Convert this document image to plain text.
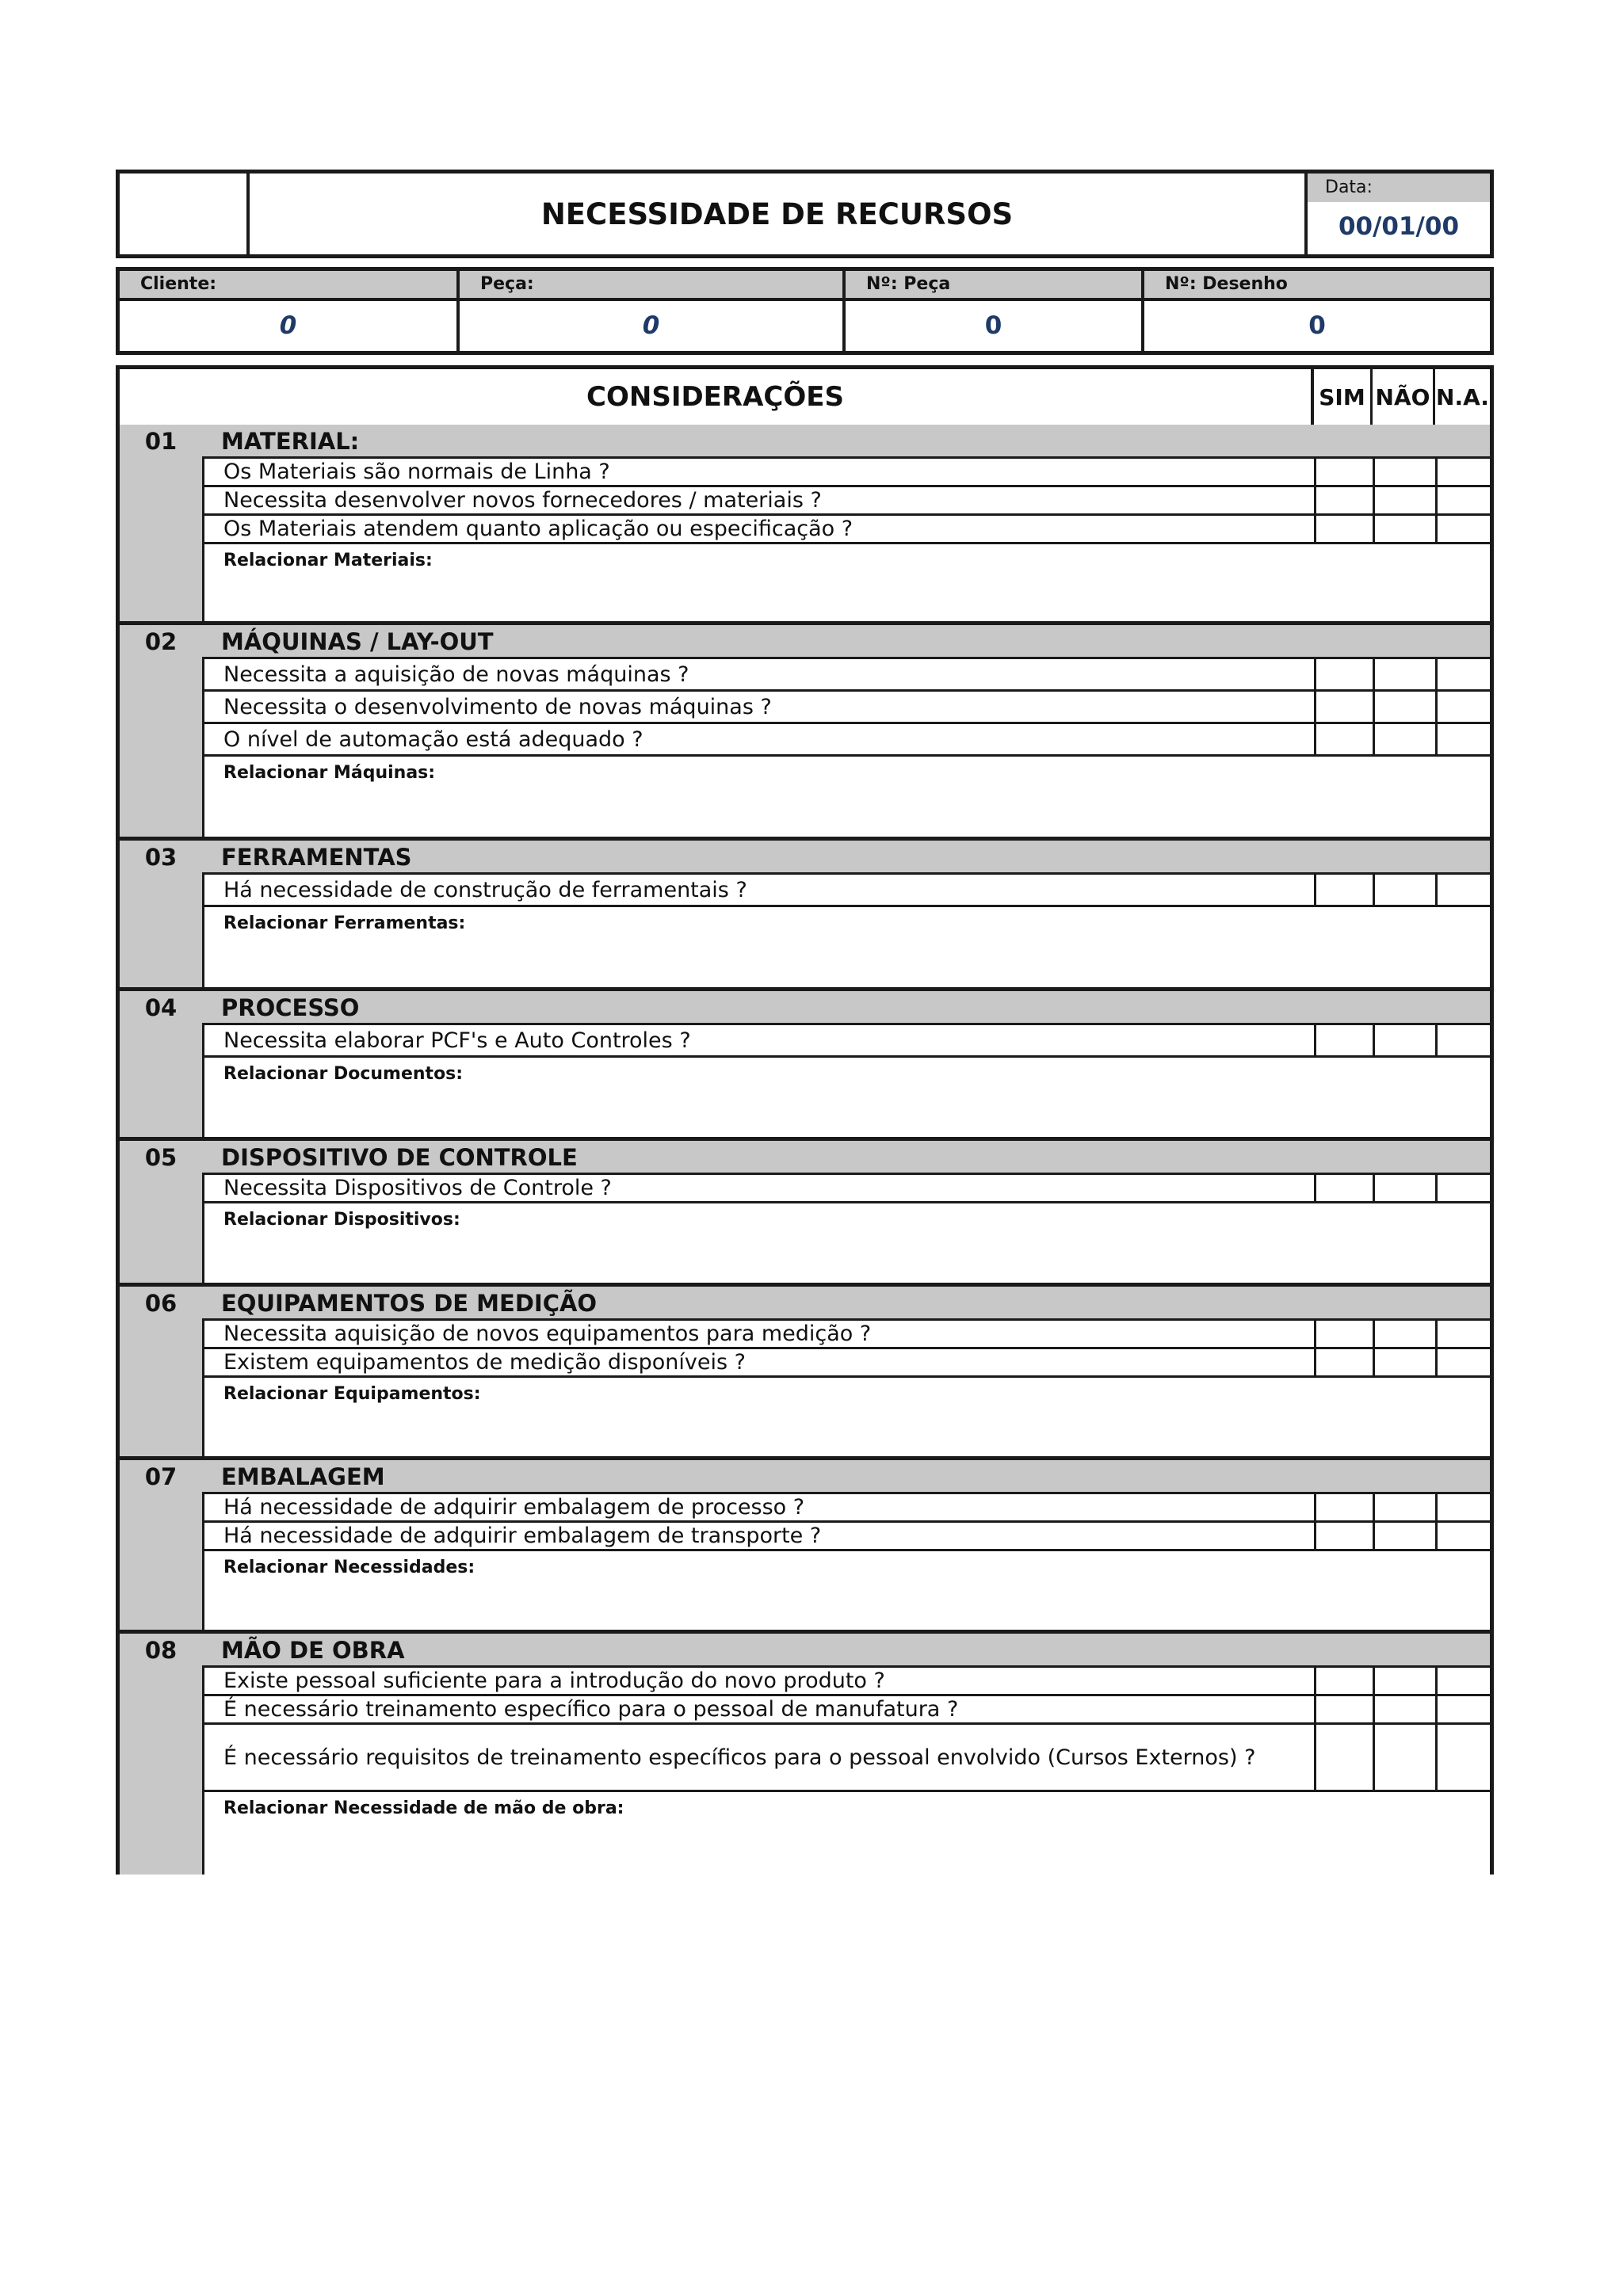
NECESSIDADE DE RECURSOS
Data:
00/01/00
Cliente:
0
Peça:
0
Nº: Peça
0
Nº: Desenho
0
CONSIDERAÇÕES	SIM NÃO N.A.
01	MATERIAL:
Os Materiais são normais de Linha ?
Necessita desenvolver novos fornecedores / materiais ?
Os Materiais atendem quanto aplicação ou especificação ?
Relacionar Materiais:
02	MÁQUINAS / LAY-OUT
Necessita a aquisição de novas máquinas ?
Necessita o desenvolvimento de novas máquinas ?
O nível de automação está adequado ?
Relacionar Máquinas:
03	FERRAMENTAS
Há necessidade de construção de ferramentais ?
Relacionar Ferramentas:
04	PROCESSO
Necessita elaborar PCF's e Auto Controles ?
Relacionar Documentos:
05	DISPOSITIVO DE CONTROLE
Necessita Dispositivos de Controle ?
Relacionar Dispositivos:
06	EQUIPAMENTOS DE MEDIÇÃO
Necessita aquisição de novos equipamentos para medição ?
Existem equipamentos de medição disponíveis ?
Relacionar Equipamentos:
07	EMBALAGEM
Há necessidade de adquirir embalagem de processo ?
Há necessidade de adquirir embalagem de transporte ?
Relacionar Necessidades:
08	MÃO DE OBRA
Existe pessoal suficiente para a introdução do novo produto ?
É necessário treinamento específico para o pessoal de manufatura ?
É necessário requisitos de treinamento específicos para o pessoal envolvido (Cursos Externos) ?
Relacionar Necessidade de mão de obra:
